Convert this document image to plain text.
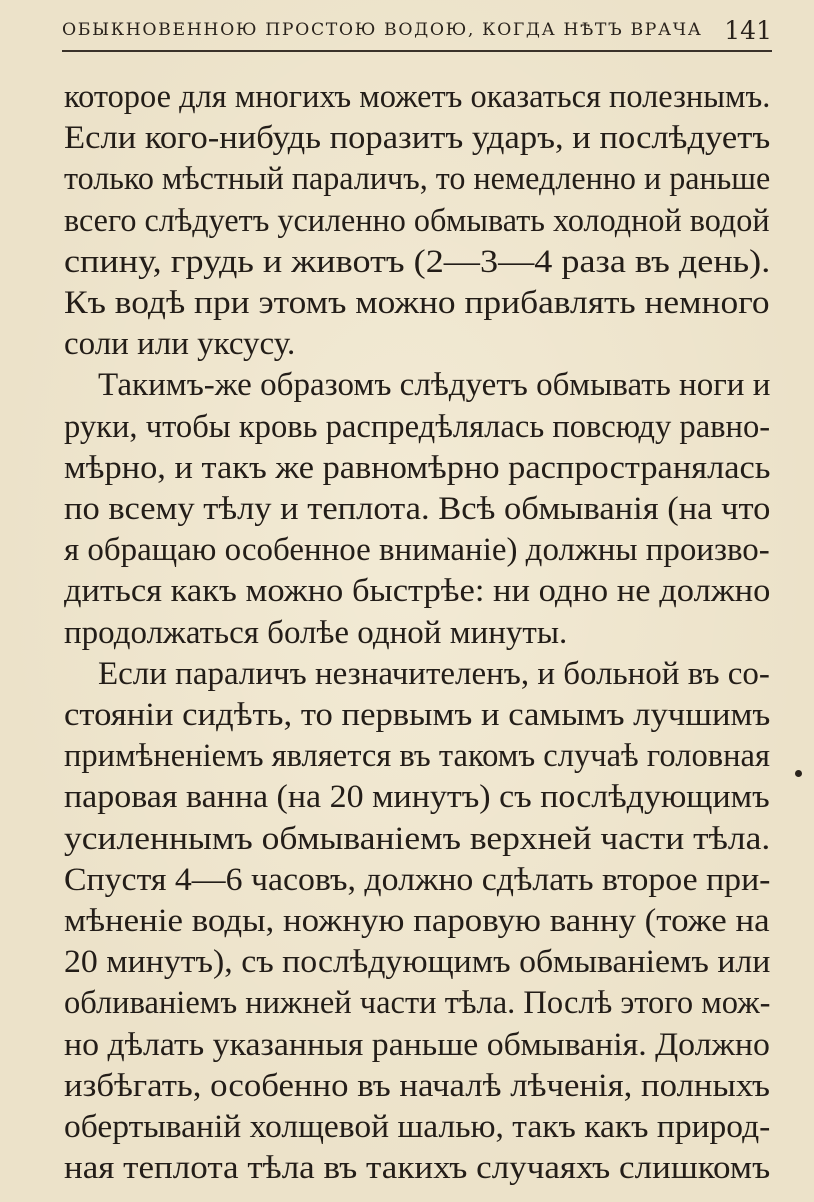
ОБЫКНОВЕННОЮ ПРОСТОЮ ВОДОЮ, КОГДА НѢТЪ ВРАЧА 141
которое для многихъ можетъ оказаться полезнымъ.
Если кого-нибудь поразитъ ударъ, и послѣдуетъ
только мѣстный параличъ, то немедленно и раньше
всего слѣдуетъ усиленно обмывать холодной водой
спину, грудь и животъ (2—3—4 раза въ день).
Къ водѣ при этомъ можно прибавлять немного
соли или уксусу.
Такимъ-же образомъ слѣдуетъ обмывать ноги и
руки, чтобы кровь распредѣлялась повсюду равно-
мѣрно, и такъ же равномѣрно распространялась
по всему тѣлу и теплота. Всѣ обмыванія (на что
я обращаю особенное вниманіе) должны произво-
диться какъ можно быстрѣе: ни одно не должно
продолжаться болѣе одной минуты.
Если параличъ незначителенъ, и больной въ со-
стояніи сидѣть, то первымъ и самымъ лучшимъ
примѣненіемъ является въ такомъ случаѣ головная
паровая ванна (на 20 минутъ) съ послѣдующимъ
усиленнымъ обмываніемъ верхней части тѣла.
Спустя 4—6 часовъ, должно сдѣлать второе при-
мѣненіе воды, ножную паровую ванну (тоже на
20 минутъ), съ послѣдующимъ обмываніемъ или
обливаніемъ нижней части тѣла. Послѣ этого мож-
но дѣлать указанныя раньше обмыванія. Должно
избѣгать, особенно въ началѣ лѣченія, полныхъ
обертываній холщевой шалью, такъ какъ природ-
ная теплота тѣла въ такихъ случаяхъ слишкомъ
